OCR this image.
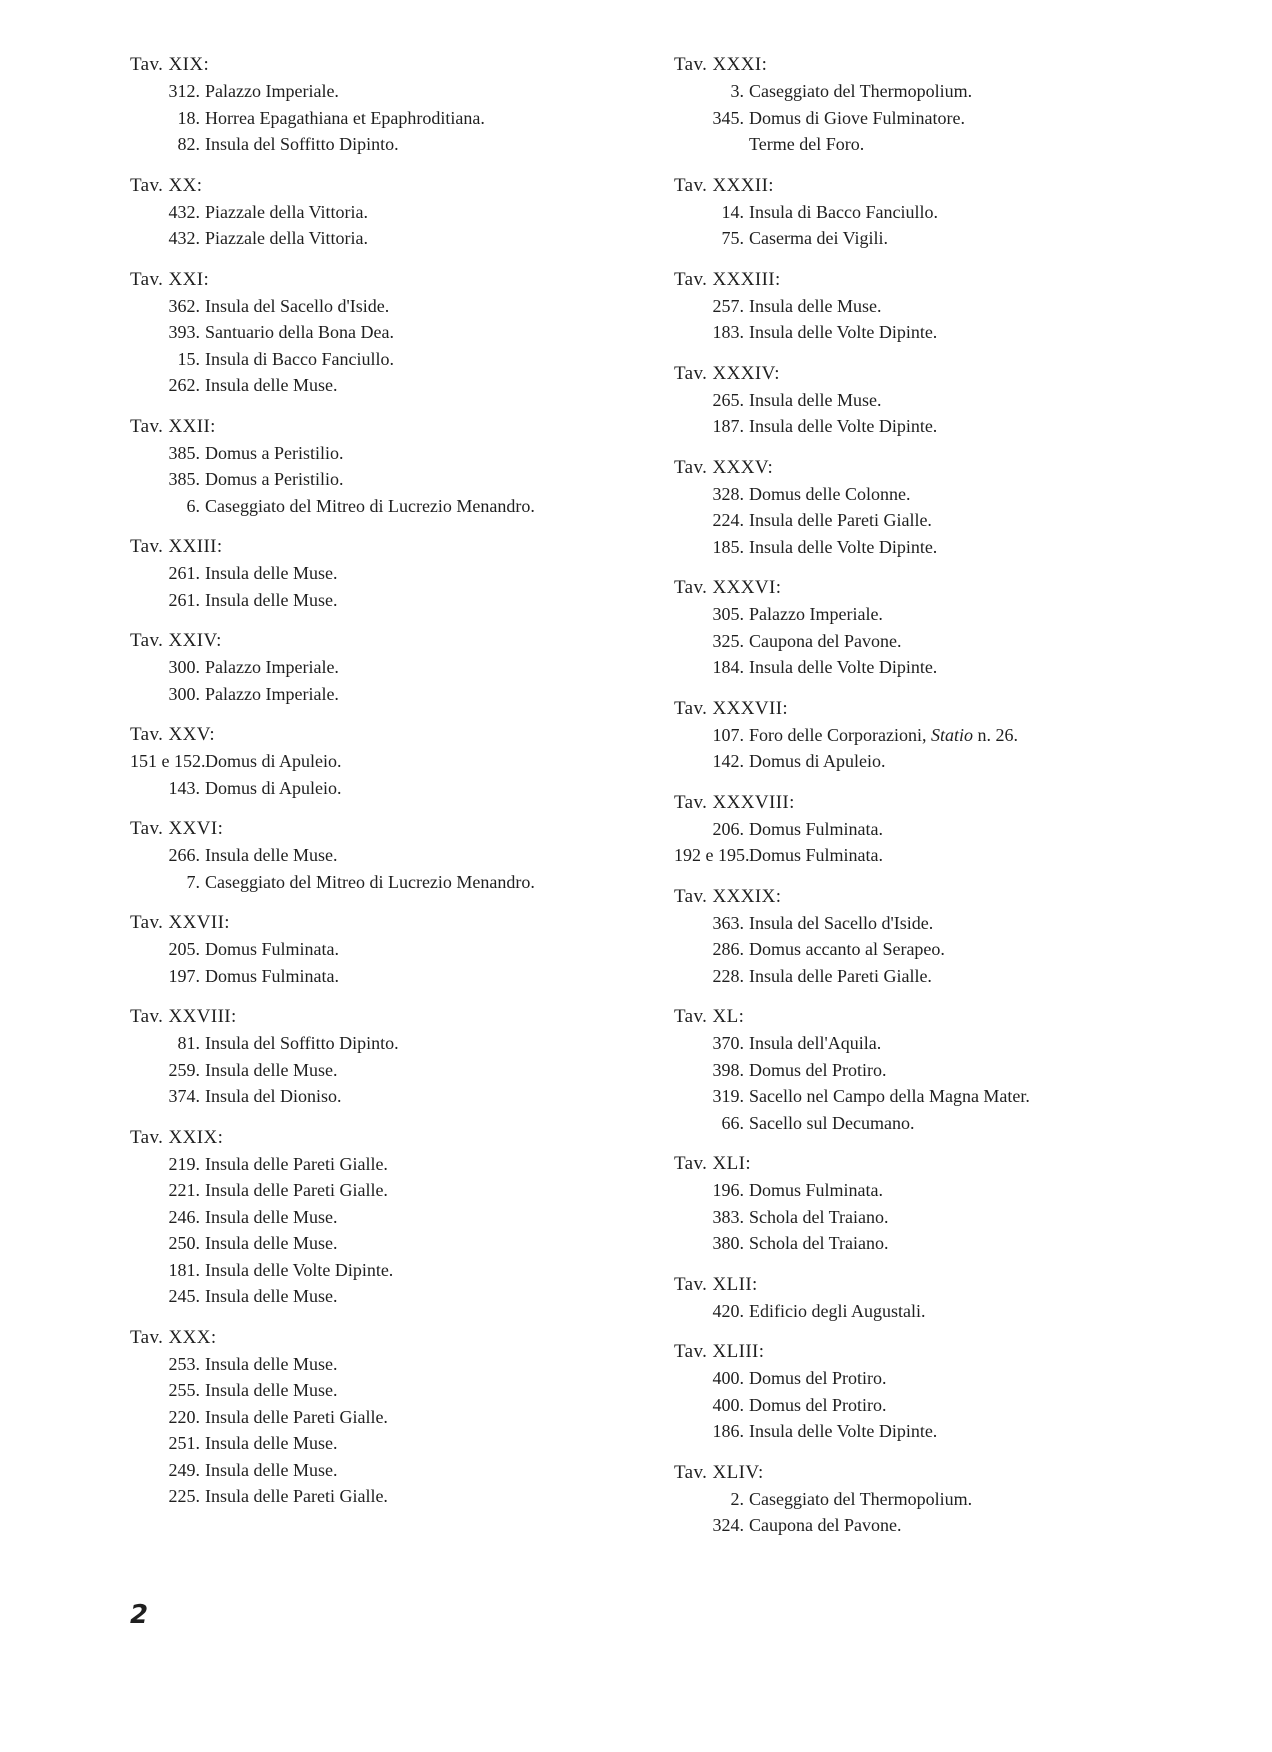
Tav. XIX:
312. Palazzo Imperiale.
18. Horrea Epagathiana et Epaphroditiana.
82. Insula del Soffitto Dipinto.
Tav. XX:
432. Piazzale della Vittoria.
432. Piazzale della Vittoria.
Tav. XXI:
362. Insula del Sacello d'Iside.
393. Santuario della Bona Dea.
15. Insula di Bacco Fanciullo.
262. Insula delle Muse.
Tav. XXII:
385. Domus a Peristilio.
385. Domus a Peristilio.
6. Caseggiato del Mitreo di Lucrezio Menandro.
Tav. XXIII:
261. Insula delle Muse.
261. Insula delle Muse.
Tav. XXIV:
300. Palazzo Imperiale.
300. Palazzo Imperiale.
Tav. XXV:
151 e 152.Domus di Apuleio.
143. Domus di Apuleio.
Tav. XXVI:
266. Insula delle Muse.
7. Caseggiato del Mitreo di Lucrezio Menandro.
Tav. XXVII:
205. Domus Fulminata.
197. Domus Fulminata.
Tav. XXVIII:
81. Insula del Soffitto Dipinto.
259. Insula delle Muse.
374. Insula del Dioniso.
Tav. XXIX:
219. Insula delle Pareti Gialle.
221. Insula delle Pareti Gialle.
246. Insula delle Muse.
250. Insula delle Muse.
181. Insula delle Volte Dipinte.
245. Insula delle Muse.
Tav. XXX:
253. Insula delle Muse.
255. Insula delle Muse.
220. Insula delle Pareti Gialle.
251. Insula delle Muse.
249. Insula delle Muse.
225. Insula delle Pareti Gialle.
Tav. XXXI:
3. Caseggiato del Thermopolium.
345. Domus di Giove Fulminatore.
Terme del Foro.
Tav. XXXII:
14. Insula di Bacco Fanciullo.
75. Caserma dei Vigili.
Tav. XXXIII:
257. Insula delle Muse.
183. Insula delle Volte Dipinte.
Tav. XXXIV:
265. Insula delle Muse.
187. Insula delle Volte Dipinte.
Tav. XXXV:
328. Domus delle Colonne.
224. Insula delle Pareti Gialle.
185. Insula delle Volte Dipinte.
Tav. XXXVI:
305. Palazzo Imperiale.
325. Caupona del Pavone.
184. Insula delle Volte Dipinte.
Tav. XXXVII:
107. Foro delle Corporazioni, Statio n. 26.
142. Domus di Apuleio.
Tav. XXXVIII:
206. Domus Fulminata.
192 e 195.Domus Fulminata.
Tav. XXXIX:
363. Insula del Sacello d'Iside.
286. Domus accanto al Serapeo.
228. Insula delle Pareti Gialle.
Tav. XL:
370. Insula dell'Aquila.
398. Domus del Protiro.
319. Sacello nel Campo della Magna Mater.
66. Sacello sul Decumano.
Tav. XLI:
196. Domus Fulminata.
383. Schola del Traiano.
380. Schola del Traiano.
Tav. XLII:
420. Edificio degli Augustali.
Tav. XLIII:
400. Domus del Protiro.
400. Domus del Protiro.
186. Insula delle Volte Dipinte.
Tav. XLIV:
2. Caseggiato del Thermopolium.
324. Caupona del Pavone.
2
